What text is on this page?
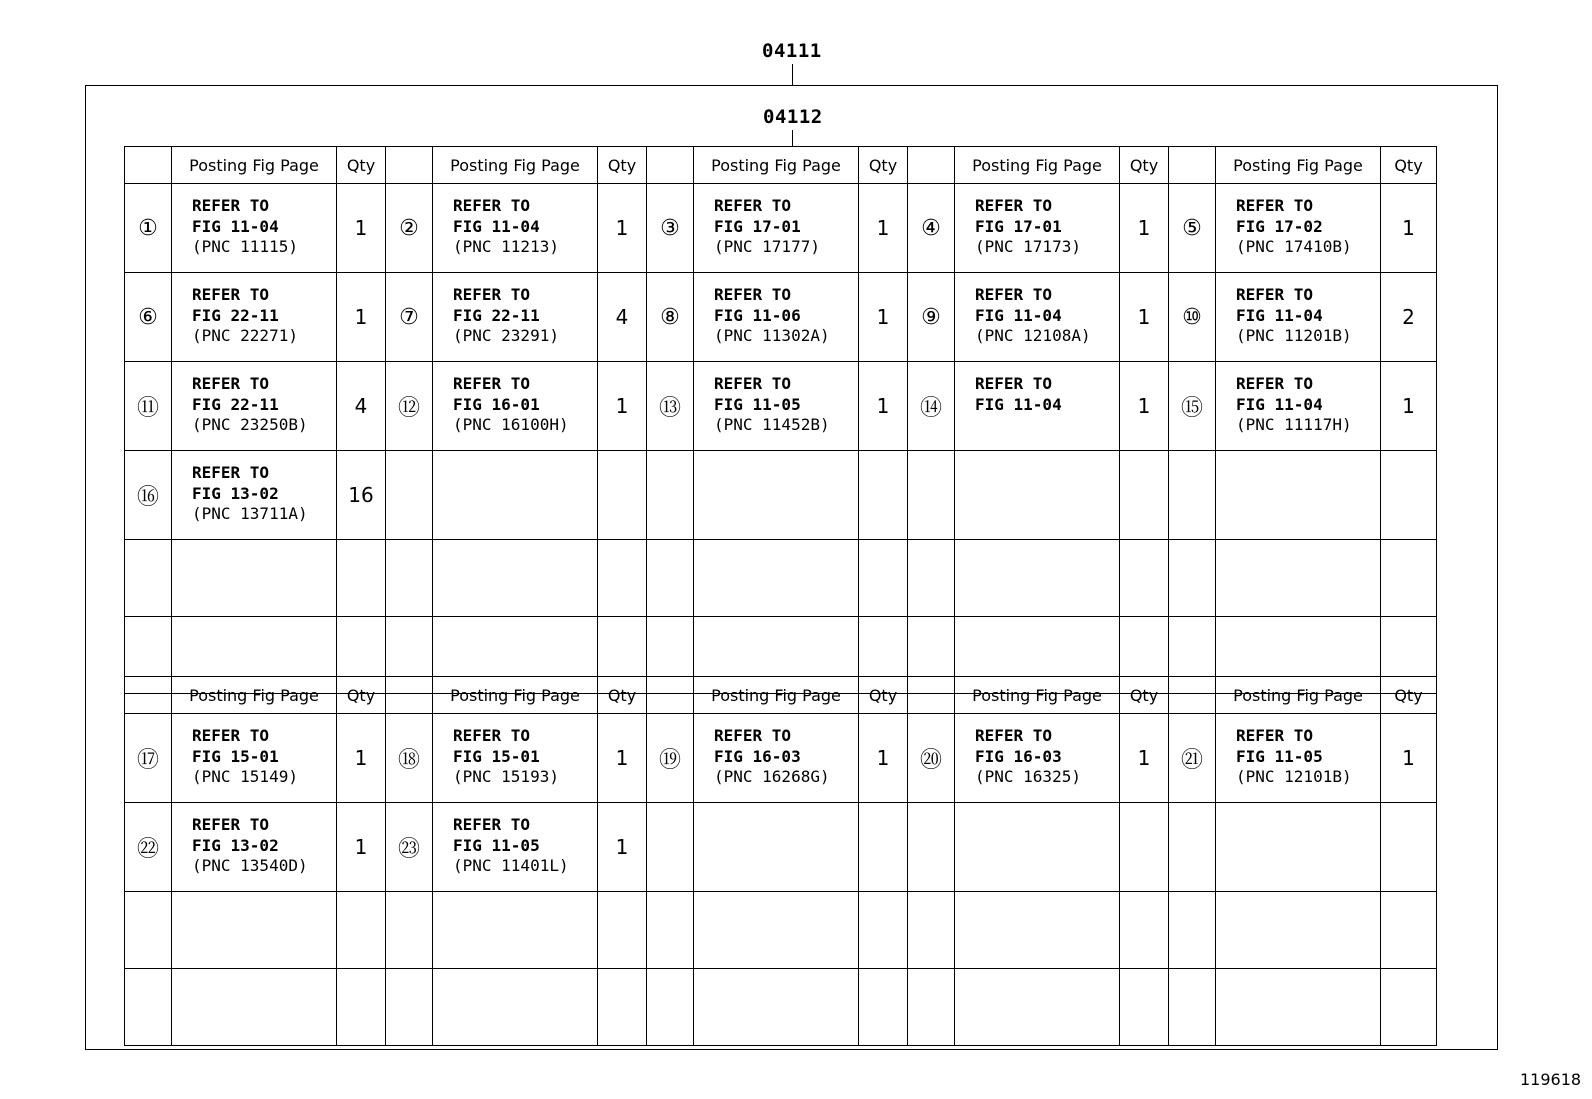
04111
04112
	Posting Fig Page	Qty		Posting Fig Page	Qty		Posting Fig Page	Qty		Posting Fig Page	Qty		Posting Fig Page	Qty
①	REFER TO
FIG 11-04
(PNC 11115)	1	②	REFER TO
FIG 11-04
(PNC 11213)	1	③	REFER TO
FIG 17-01
(PNC 17177)	1	④	REFER TO
FIG 17-01
(PNC 17173)	1	⑤	REFER TO
FIG 17-02
(PNC 17410B)	1
⑥	REFER TO
FIG 22-11
(PNC 22271)	1	⑦	REFER TO
FIG 22-11
(PNC 23291)	4	⑧	REFER TO
FIG 11-06
(PNC 11302A)	1	⑨	REFER TO
FIG 11-04
(PNC 12108A)	1	⑩	REFER TO
FIG 11-04
(PNC 11201B)	2
⑪	REFER TO
FIG 22-11
(PNC 23250B)	4	⑫	REFER TO
FIG 16-01
(PNC 16100H)	1	⑬	REFER TO
FIG 11-05
(PNC 11452B)	1	⑭	REFER TO
FIG 11-04	1	⑮	REFER TO
FIG 11-04
(PNC 11117H)	1
⑯	REFER TO
FIG 13-02
(PNC 13711A)	16		

	Posting Fig Page	Qty		Posting Fig Page	Qty		Posting Fig Page	Qty		Posting Fig Page	Qty		Posting Fig Page	Qty
⑰	REFER TO
FIG 15-01
(PNC 15149)	1	⑱	REFER TO
FIG 15-01
(PNC 15193)	1	⑲	REFER TO
FIG 16-03
(PNC 16268G)	1	⑳	REFER TO
FIG 16-03
(PNC 16325)	1	㉑	REFER TO
FIG 11-05
(PNC 12101B)	1
㉒	REFER TO
FIG 13-02
(PNC 13540D)	1	㉓	REFER TO
FIG 11-05
(PNC 11401L)	1		

119618
